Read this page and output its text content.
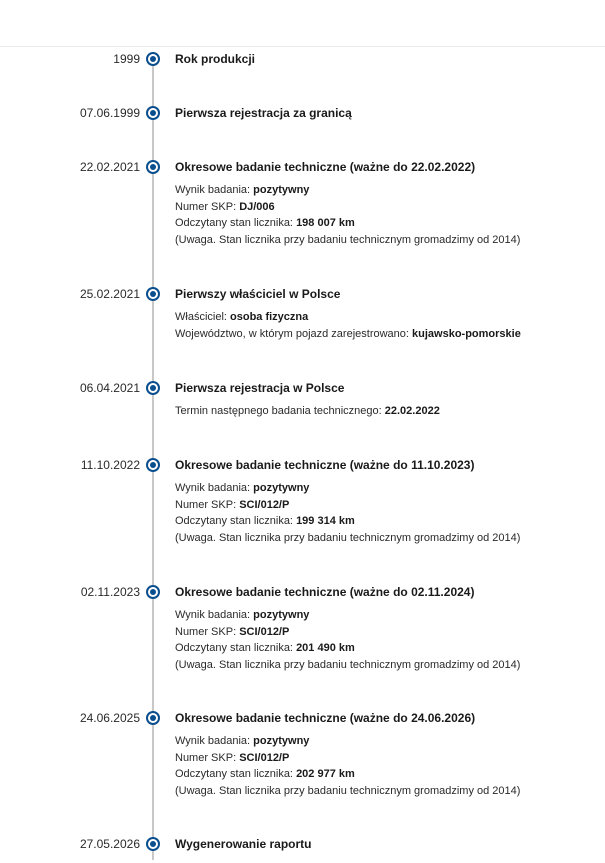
1999	Rok produkcji
07.06.1999	Pierwsza rejestracja za granicą
22.02.2021	Okresowe badanie techniczne (ważne do 22.02.2022)
Wynik badania: pozytywny
Numer SKP: DJ/006
Odczytany stan licznika: 198 007 km
(Uwaga. Stan licznika przy badaniu technicznym gromadzimy od 2014)
25.02.2021	Pierwszy właściciel w Polsce
Właściciel: osoba fizyczna
Województwo, w którym pojazd zarejestrowano: kujawsko-pomorskie
06.04.2021	Pierwsza rejestracja w Polsce
Termin następnego badania technicznego: 22.02.2022
11.10.2022	Okresowe badanie techniczne (ważne do 11.10.2023)
Wynik badania: pozytywny
Numer SKP: SCI/012/P
Odczytany stan licznika: 199 314 km
(Uwaga. Stan licznika przy badaniu technicznym gromadzimy od 2014)
02.11.2023	Okresowe badanie techniczne (ważne do 02.11.2024)
Wynik badania: pozytywny
Numer SKP: SCI/012/P
Odczytany stan licznika: 201 490 km
(Uwaga. Stan licznika przy badaniu technicznym gromadzimy od 2014)
24.06.2025	Okresowe badanie techniczne (ważne do 24.06.2026)
Wynik badania: pozytywny
Numer SKP: SCI/012/P
Odczytany stan licznika: 202 977 km
(Uwaga. Stan licznika przy badaniu technicznym gromadzimy od 2014)
27.05.2026	Wygenerowanie raportu
